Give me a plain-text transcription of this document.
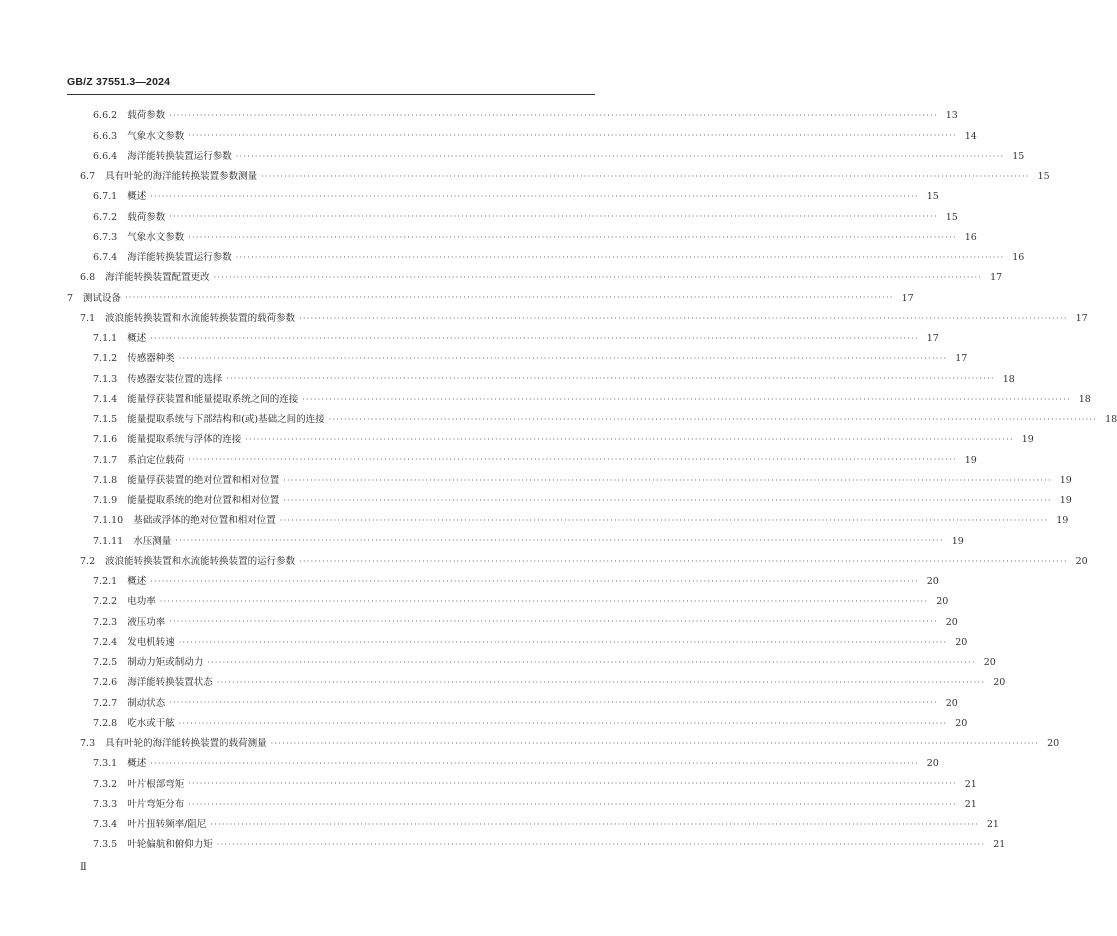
GB/Z 37551.3—2024
6.6.2	载荷参数 ········································································································································································································ 13
6.6.3	气象水文参数 ········································································································································································································ 14
6.6.4	海洋能转换装置运行参数 ········································································································································································································ 15
6.7	具有叶轮的海洋能转换装置参数测量 ········································································································································································································ 15
6.7.1	概述 ········································································································································································································ 15
6.7.2	载荷参数 ········································································································································································································ 15
6.7.3	气象水文参数 ········································································································································································································ 16
6.7.4	海洋能转换装置运行参数 ········································································································································································································ 16
6.8	海洋能转换装置配置更改 ········································································································································································································ 17
7	测试设备 ········································································································································································································ 17
7.1	波浪能转换装置和水流能转换装置的载荷参数 ········································································································································································································ 17
7.1.1	概述 ········································································································································································································ 17
7.1.2	传感器种类 ········································································································································································································ 17
7.1.3	传感器安装位置的选择 ········································································································································································································ 18
7.1.4	能量俘获装置和能量提取系统之间的连接 ········································································································································································································ 18
7.1.5	能量提取系统与下部结构和(或)基础之间的连接 ········································································································································································································ 18
7.1.6	能量提取系统与浮体的连接 ········································································································································································································ 19
7.1.7	系泊定位载荷 ········································································································································································································ 19
7.1.8	能量俘获装置的绝对位置和相对位置 ········································································································································································································ 19
7.1.9	能量提取系统的绝对位置和相对位置 ········································································································································································································ 19
7.1.10	基础或浮体的绝对位置和相对位置 ········································································································································································································ 19
7.1.11	水压测量 ········································································································································································································ 19
7.2	波浪能转换装置和水流能转换装置的运行参数 ········································································································································································································ 20
7.2.1	概述 ········································································································································································································ 20
7.2.2	电功率 ········································································································································································································ 20
7.2.3	液压功率 ········································································································································································································ 20
7.2.4	发电机转速 ········································································································································································································ 20
7.2.5	制动力矩或制动力 ········································································································································································································ 20
7.2.6	海洋能转换装置状态 ········································································································································································································ 20
7.2.7	制动状态 ········································································································································································································ 20
7.2.8	吃水或干舷 ········································································································································································································ 20
7.3	具有叶轮的海洋能转换装置的载荷测量 ········································································································································································································ 20
7.3.1	概述 ········································································································································································································ 20
7.3.2	叶片根部弯矩 ········································································································································································································ 21
7.3.3	叶片弯矩分布 ········································································································································································································ 21
7.3.4	叶片扭转频率/阻尼 ········································································································································································································ 21
7.3.5	叶轮偏航和俯仰力矩 ········································································································································································································ 21
Ⅱ
